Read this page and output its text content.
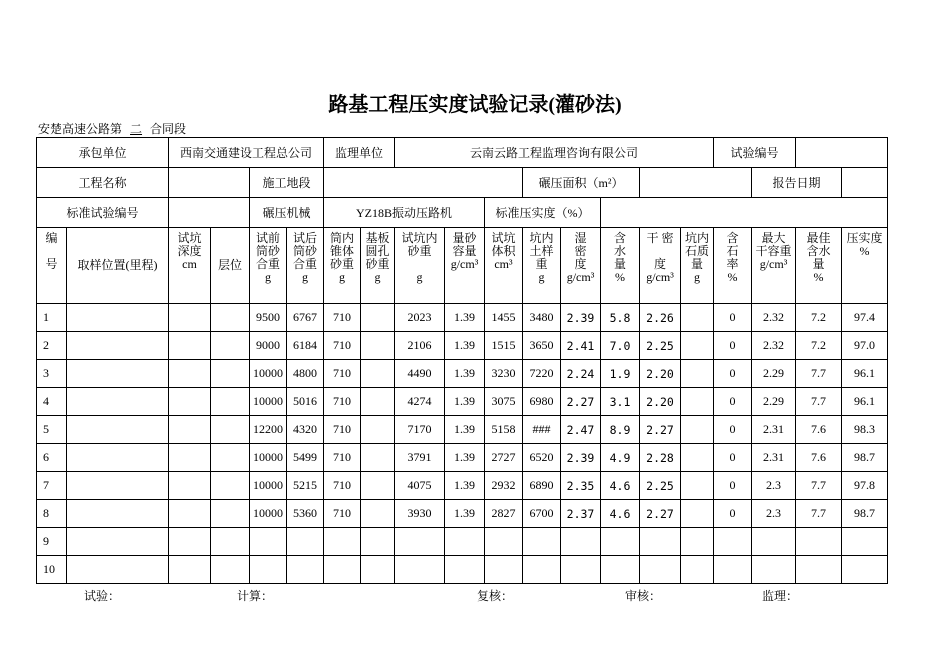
路基工程压实度试验记录(灌砂法)
安楚高速公路第 二 合同段
承包单位		西南交通建设工程总公司				监理单位		云南云路工程监理咨询有限公司								试验编号			
工程名称				施工地段							碾压面积（m²）						报告日期		
标准试验编号				碾压机械		YZ18B振动压路机				标准压实度（%）									
编

号	取样位置(里程)	试坑
深度
cm	层位	试前
筒砂
合重
g	试后
筒砂
合重
g	筒内
锥体
砂重
g	基板
圆孔
砂重
g	试坑内
砂重

g	量砂
容量
g/cm³	试坑
体积
cm³	坑内
土样
重
g	湿
密
度
g/cm³	含
水
量
%	干 密

度
g/cm³	坑内
石质
量
g	含
石
率
%	最大
干容重
g/cm³	最佳
含水
量
%	压实度
%
1				9500	6767	710		2023	1.39	1455	3480	2.39	5.8	2.26		0	2.32	7.2	97.4
2				9000	6184	710		2106	1.39	1515	3650	2.41	7.0	2.25		0	2.32	7.2	97.0
3				10000	4800	710		4490	1.39	3230	7220	2.24	1.9	2.20		0	2.29	7.7	96.1
4				10000	5016	710		4274	1.39	3075	6980	2.27	3.1	2.20		0	2.29	7.7	96.1
5				12200	4320	710		7170	1.39	5158	###	2.47	8.9	2.27		0	2.31	7.6	98.3
6				10000	5499	710		3791	1.39	2727	6520	2.39	4.9	2.28		0	2.31	7.6	98.7
7				10000	5215	710		4075	1.39	2932	6890	2.35	4.6	2.25		0	2.3	7.7	97.8
8				10000	5360	710		3930	1.39	2827	6700	2.37	4.6	2.27		0	2.3	7.7	98.7
9																			
10																			
试验：	计算：	复核：	审核：	监理：
